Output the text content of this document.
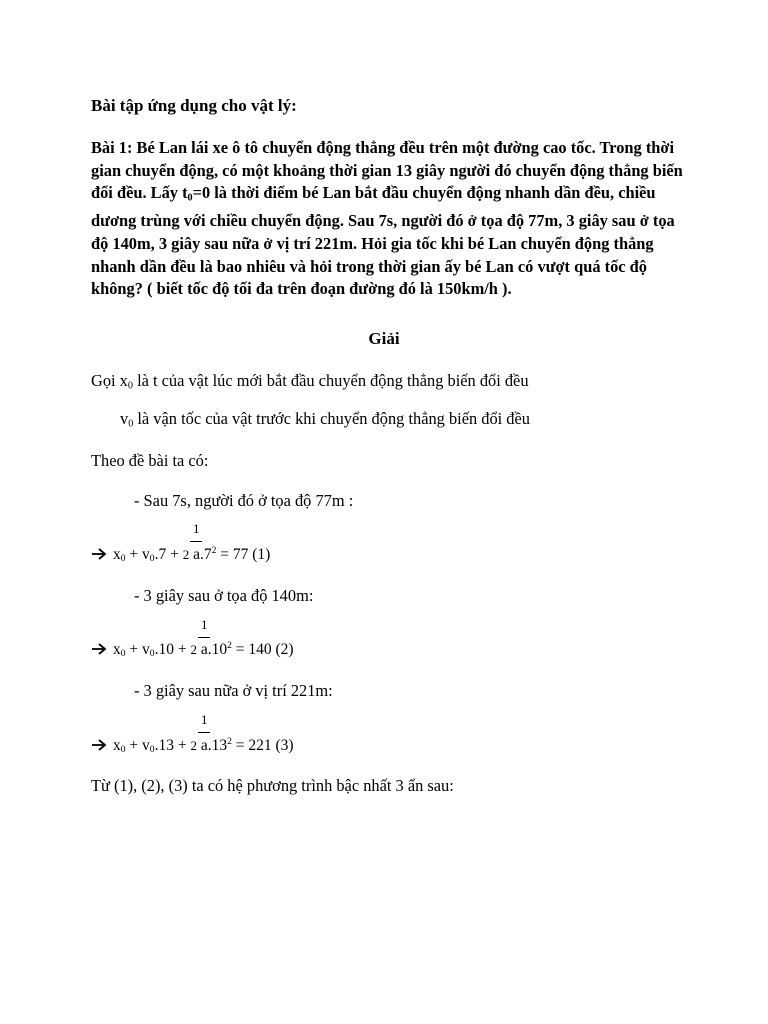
Bài tập ứng dụng cho vật lý:
Bài 1: Bé Lan lái xe ô tô chuyển động thẳng đều trên một đường cao tốc. Trong thời gian chuyển động, có một khoảng thời gian 13 giây người đó chuyển động thẳng biến đổi đều. Lấy $t_0=0$ là thời điểm bé Lan bắt đầu chuyển động nhanh dần đều, chiều dương trùng với chiều chuyển động. Sau 7s, người đó ở tọa độ 77m, 3 giây sau ở tọa độ 140m, 3 giây sau nữa ở vị trí 221m. Hỏi gia tốc khi bé Lan chuyển động thẳng nhanh dần đều là bao nhiêu và hỏi trong thời gian ấy bé Lan có vượt quá tốc độ không? ( biết tốc độ tối đa trên đoạn đường đó là 150km/h ).
Giải
Gọi $x_0$ là t của vật lúc mới bắt đầu chuyển động thẳng biến đổi đều
$v_0$ là vận tốc của vật trước khi chuyển động thẳng biến đổi đều
Theo đề bài ta có:
- Sau 7s, người đó ở tọa độ 77m :
1
$x_0 + v_0.7 + 2$ $a.7^2 = 77$ (1)
- 3 giây sau ở tọa độ 140m:
1
$x_0 + v_0.10 + 2$ $a.10^2 = 140$ (2)
- 3 giây sau nữa ở vị trí 221m:
1
$x_0 + v_0.13 + 2$ $a.13^2 = 221$ (3)
Từ (1), (2), (3) ta có hệ phương trình bậc nhất 3 ẩn sau:
